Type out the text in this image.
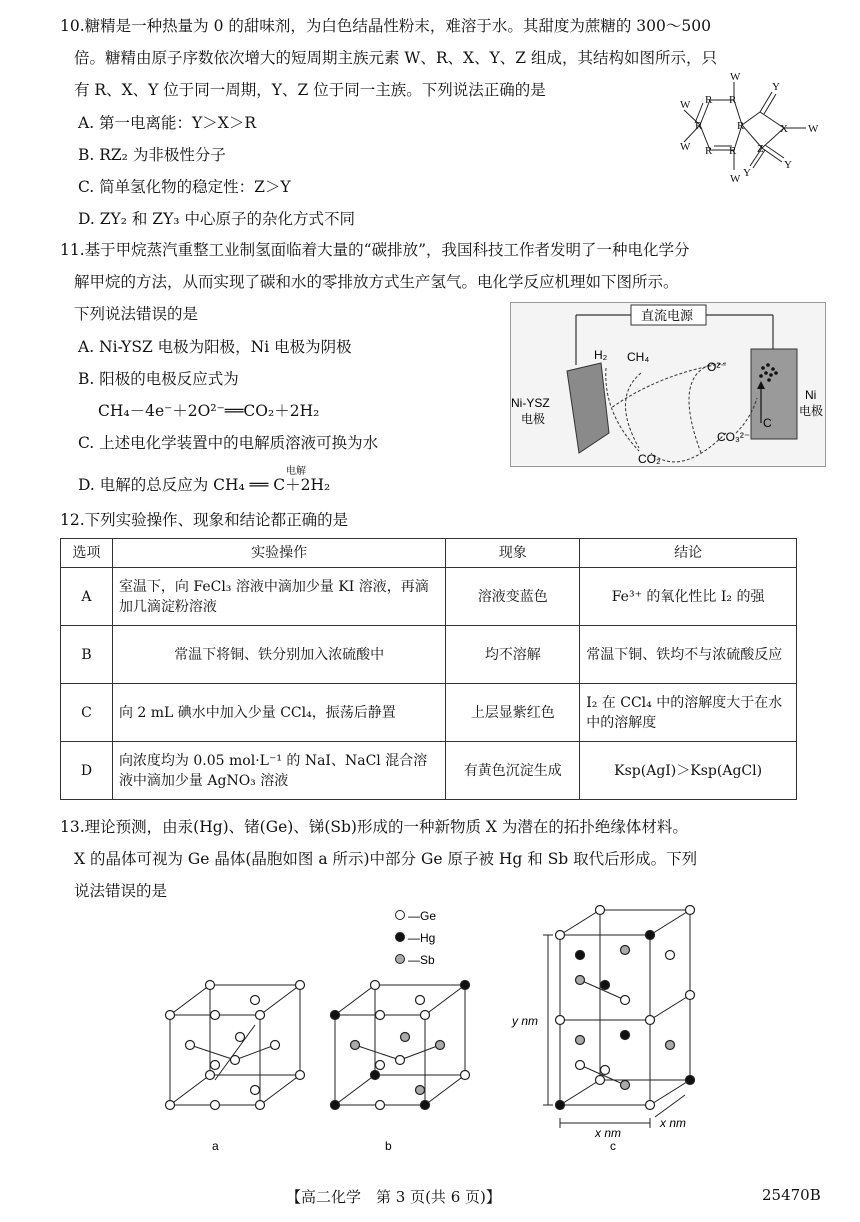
10.糖精是一种热量为 0 的甜味剂，为白色结晶性粉末，难溶于水。其甜度为蔗糖的 300～500
倍。糖精由原子序数依次增大的短周期主族元素 W、R、X、Y、Z 组成，其结构如图所示，只
有 R、X、Y 位于同一周期，Y、Z 位于同一主族。下列说法正确的是
A. 第一电离能：Y＞X＞R
B. RZ₂ 为非极性分子
C. 简单氢化物的稳定性：Z＞Y
D. ZY₂ 和 ZY₃ 中心原子的杂化方式不同
W
R
R
R
R R
R
W
W
W
X W
Z
Y
Y
Y
11.基于甲烷蒸汽重整工业制氢面临着大量的“碳排放”，我国科技工作者发明了一种电化学分
解甲烷的方法，从而实现了碳和水的零排放方式生产氢气。电化学反应机理如下图所示。
下列说法错误的是
A. Ni-YSZ 电极为阳极，Ni 电极为阴极
B. 阳极的电极反应式为
CH₄－4e⁻＋2O²⁻══CO₂＋2H₂
C. 上述电化学装置中的电解质溶液可换为水
D. 电解的总反应为 CH₄ ══ C＋2H₂
电解
H₂ CH₄
O²⁻
C
CO₃²⁻
CO₂
Ni-YSZ
电极
Ni
电极
直流电源
12.下列实验操作、现象和结论都正确的是
选项	实验操作	现象	结论
A	室温下，向 FeCl₃ 溶液中滴加少量 KI 溶液，再滴加几滴淀粉溶液	溶液变蓝色	Fe³⁺ 的氧化性比 I₂ 的强
B	常温下将铜、铁分别加入浓硫酸中	均不溶解	常温下铜、铁均不与浓硫酸反应
C	向 2 mL 碘水中加入少量 CCl₄，振荡后静置	上层显紫红色	I₂ 在 CCl₄ 中的溶解度大于在水中的溶解度
D	向浓度均为 0.05 mol·L⁻¹ 的 NaI、NaCl 混合溶液中滴加少量 AgNO₃ 溶液	有黄色沉淀生成	Ksp(AgI)＞Ksp(AgCl)
13.理论预测，由汞(Hg)、锗(Ge)、锑(Sb)形成的一种新物质 X 为潜在的拓扑绝缘体材料。
X 的晶体可视为 Ge 晶体(晶胞如图 a 所示)中部分 Ge 原子被 Hg 和 Sb 取代后形成。下列
说法错误的是
a
—Ge
—Hg
—Sb
b
y nm
x nm
x nm
c
【高二化学　第 3 页(共 6 页)】	25470B
